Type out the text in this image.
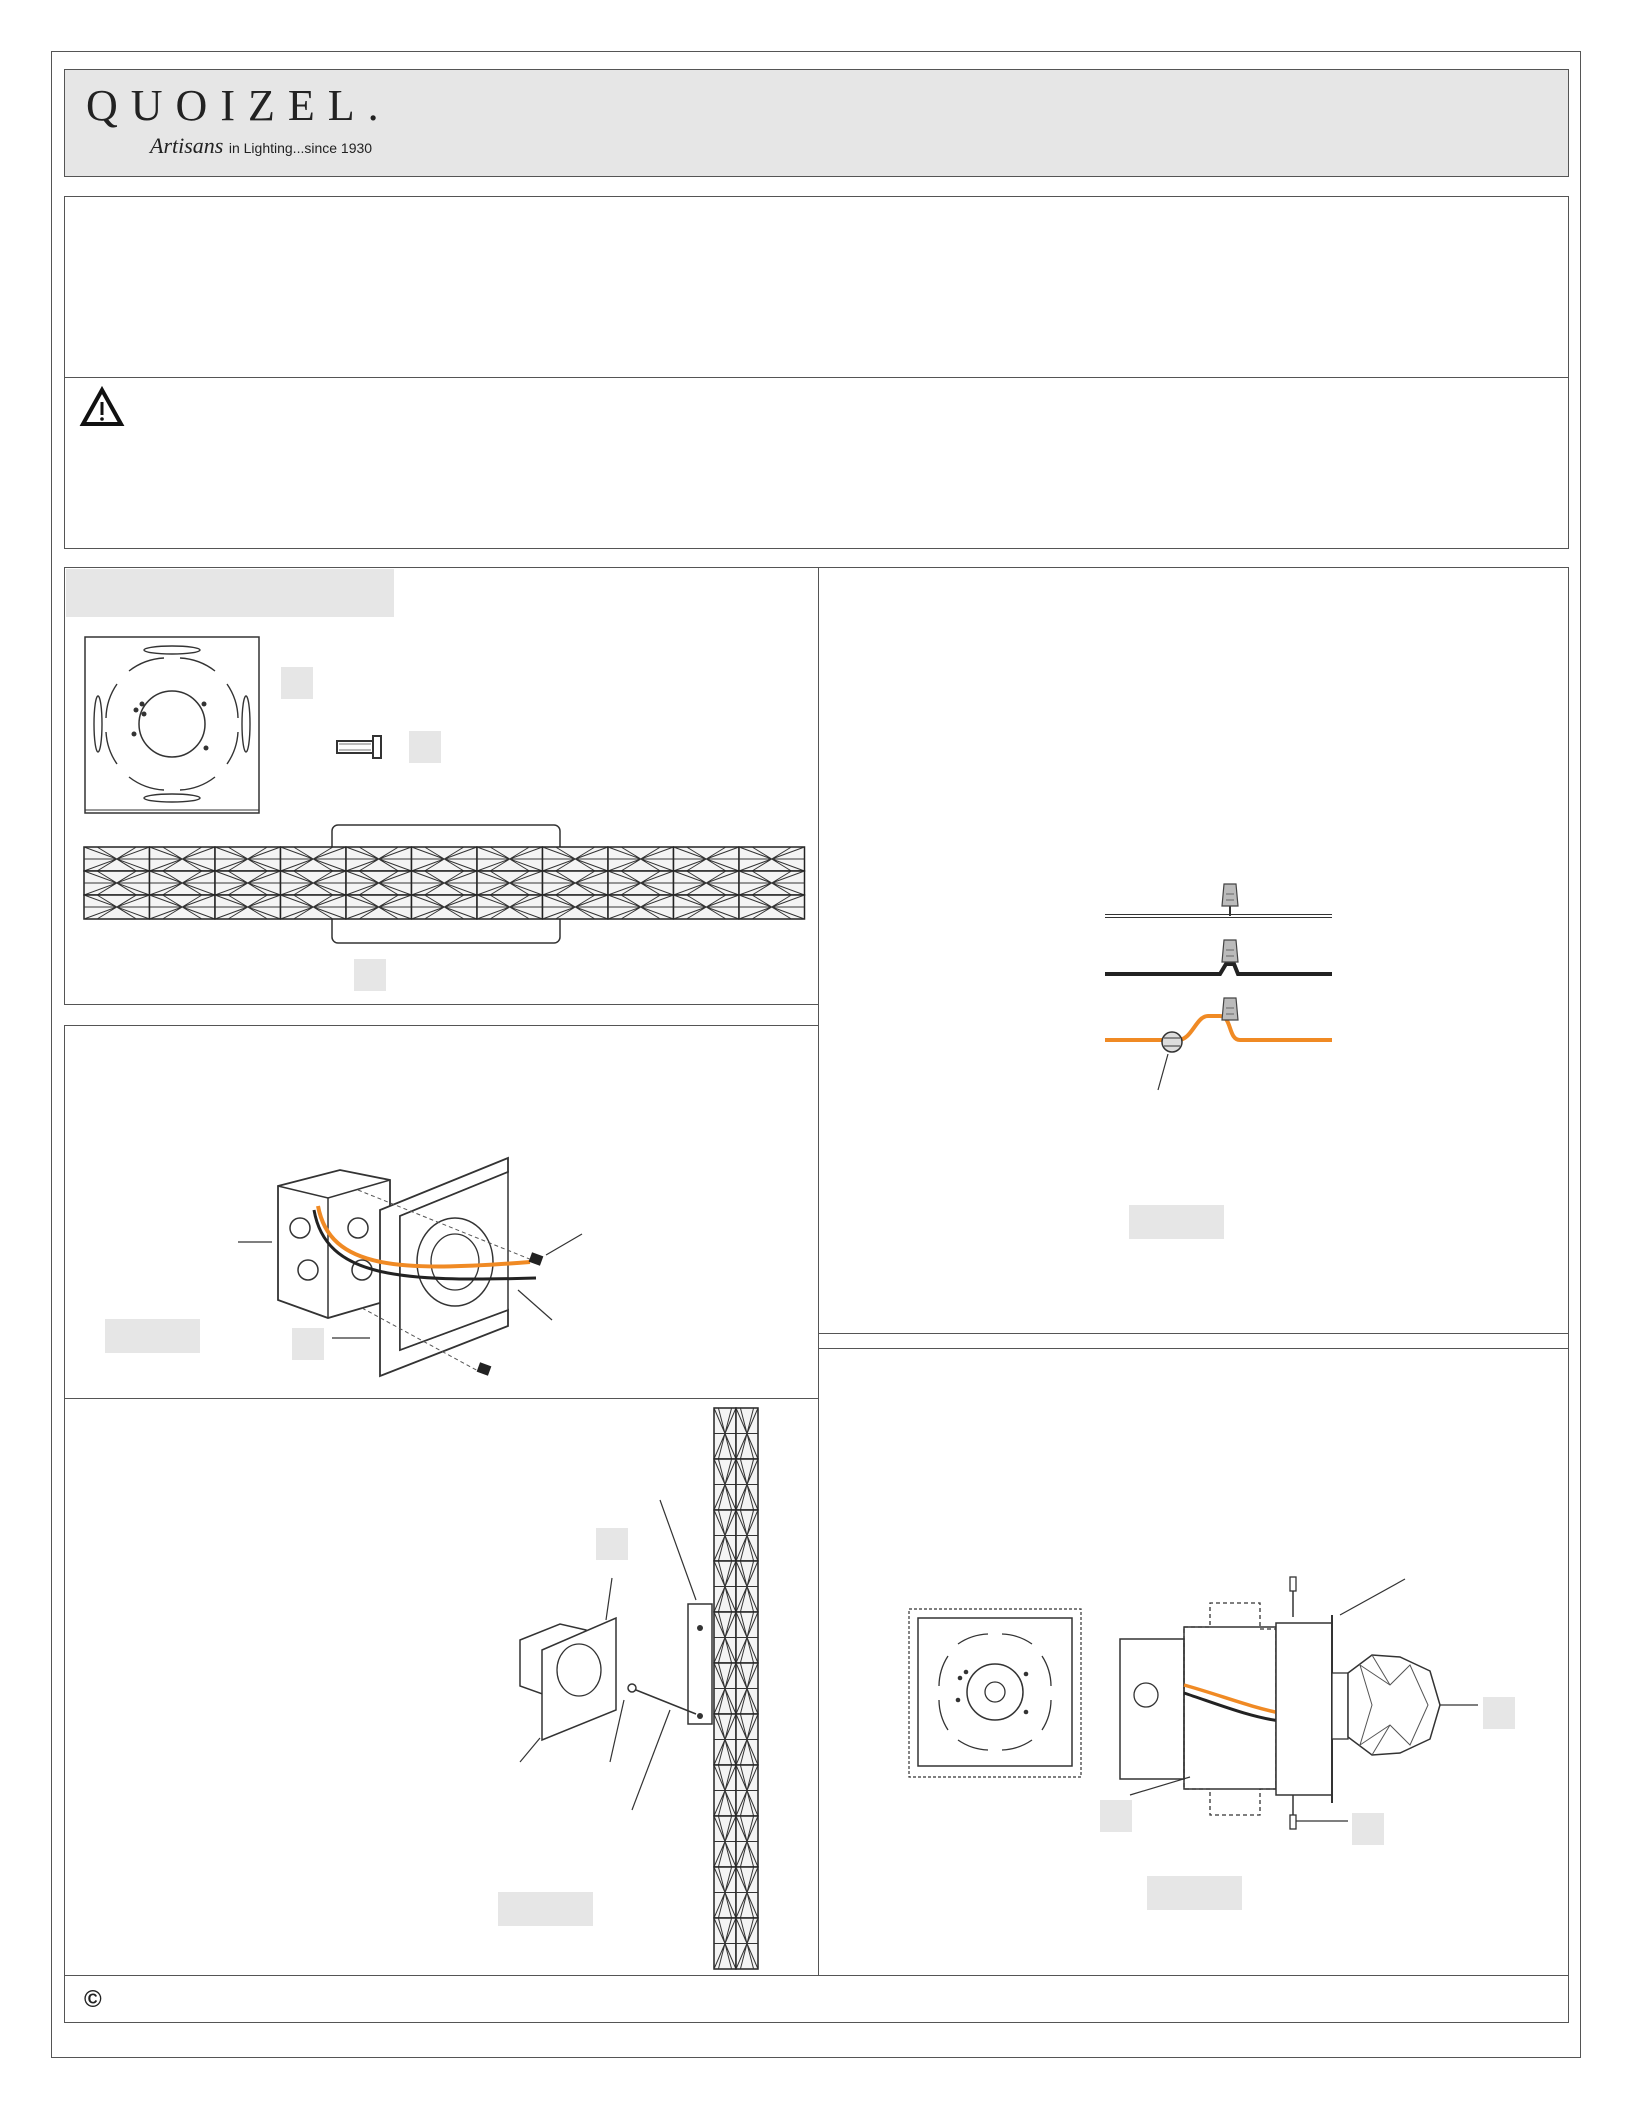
QUOIZEL.
Artisans in Lighting...since 1930
©
